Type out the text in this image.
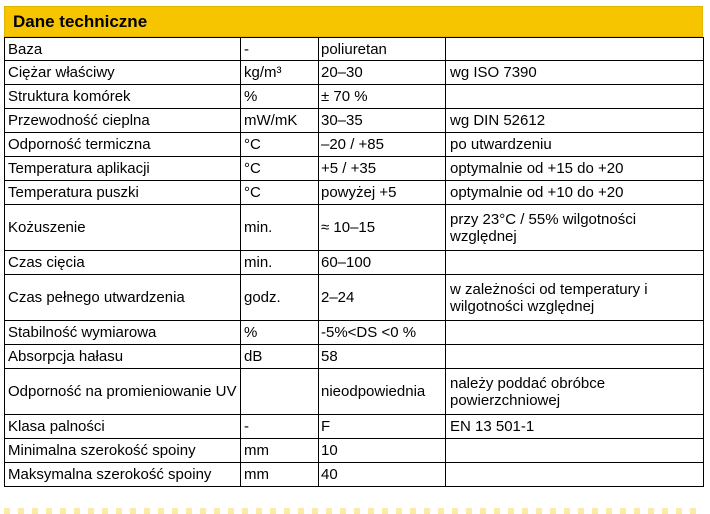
Dane techniczne
Baza	-	poliuretan	
Ciężar właściwy	kg/m³	20–30	wg ISO 7390
Struktura komórek	%	± 70 %	
Przewodność cieplna	mW/mK	30–35	wg DIN 52612
Odporność termiczna	°C	–20 / +85	po utwardzeniu
Temperatura aplikacji	°C	+5 / +35	optymalnie od +15 do +20
Temperatura puszki	°C	powyżej +5	optymalnie od +10 do +20
Kożuszenie	min.	≈ 10–15	przy 23°C / 55% wilgotności względnej
Czas cięcia	min.	60–100	
Czas pełnego utwardzenia	godz.	2–24	w zależności od temperatury i wilgotności względnej
Stabilność wymiarowa	%	-5%<DS <0 %	
Absorpcja hałasu	dB	58	
Odporność na promieniowanie UV		nieodpowiednia	należy poddać obróbce powierzchniowej
Klasa palności	-	F	EN 13 501-1
Minimalna szerokość spoiny	mm	10	
Maksymalna szerokość spoiny	mm	40	
